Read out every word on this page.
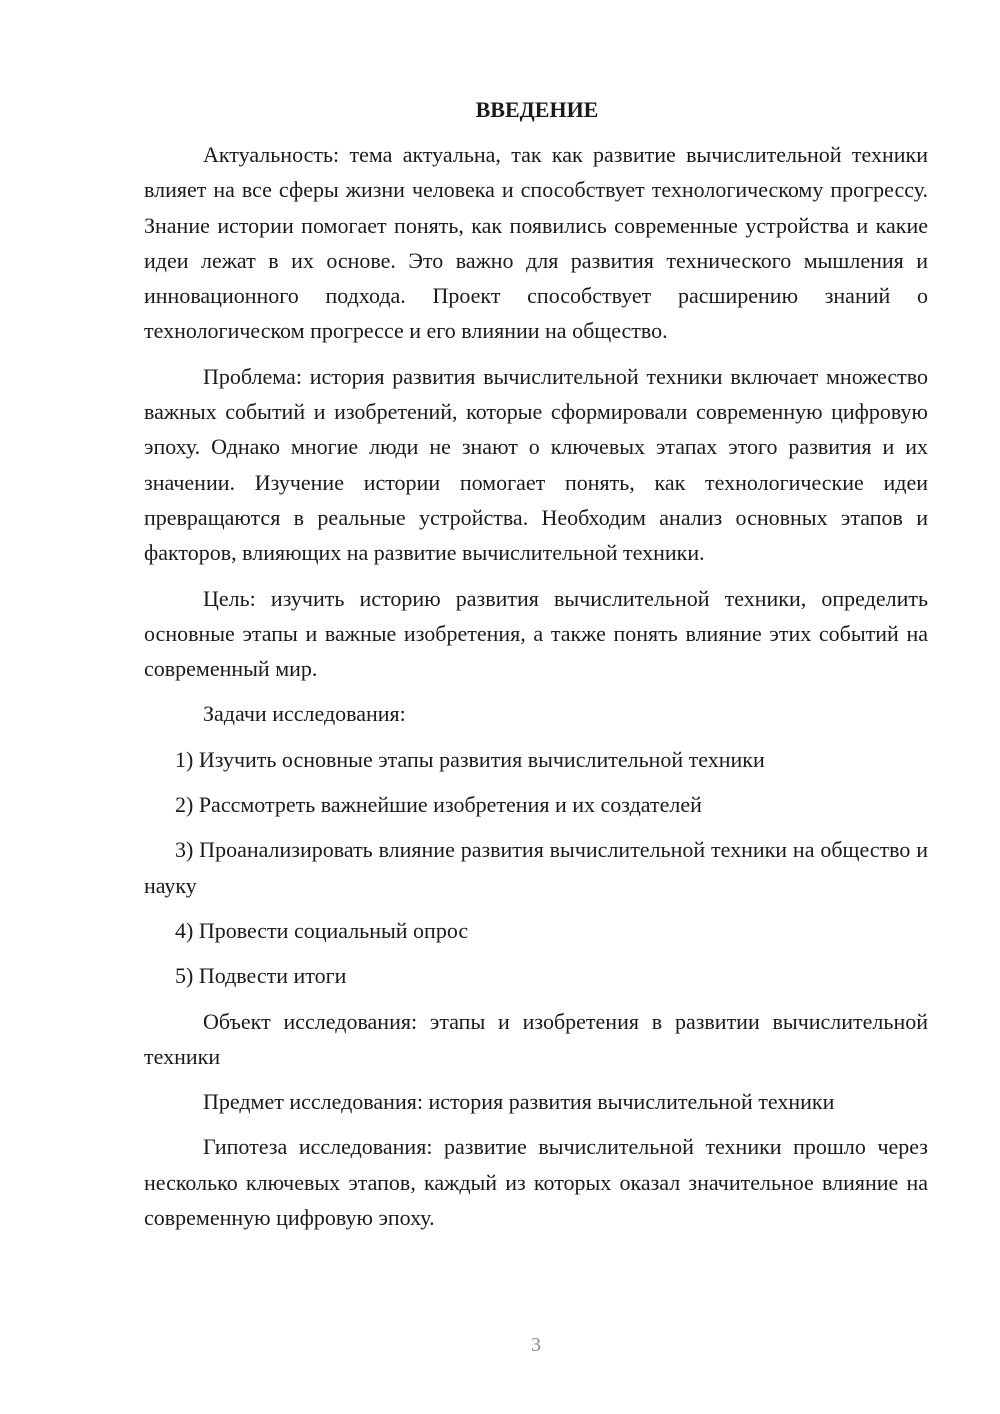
ВВЕДЕНИЕ

Актуальность: тема актуальна, так как развитие вычислительной техники влияет на все сферы жизни человека и способствует технологическому прогрессу. Знание истории помогает понять, как появились современные устройства и какие идеи лежат в их основе. Это важно для развития технического мышления и инновационного подхода. Проект способствует расширению знаний о технологическом прогрессе и его влиянии на общество.

Проблема: история развития вычислительной техники включает множество важных событий и изобретений, которые сформировали современную цифровую эпоху. Однако многие люди не знают о ключевых этапах этого развития и их значении. Изучение истории помогает понять, как технологические идеи превращаются в реальные устройства. Необходим анализ основных этапов и факторов, влияющих на развитие вычислительной техники.

Цель: изучить историю развития вычислительной техники, определить основные этапы и важные изобретения, а также понять влияние этих событий на современный мир.

Задачи исследования:

1) Изучить основные этапы развития вычислительной техники

2) Рассмотреть важнейшие изобретения и их создателей

3) Проанализировать влияние развития вычислительной техники на общество и науку

4) Провести социальный опрос

5) Подвести итоги

Объект исследования: этапы и изобретения в развитии вычислительной техники

Предмет исследования: история развития вычислительной техники

Гипотеза исследования: развитие вычислительной техники прошло через несколько ключевых этапов, каждый из которых оказал значительное влияние на современную цифровую эпоху.

3
